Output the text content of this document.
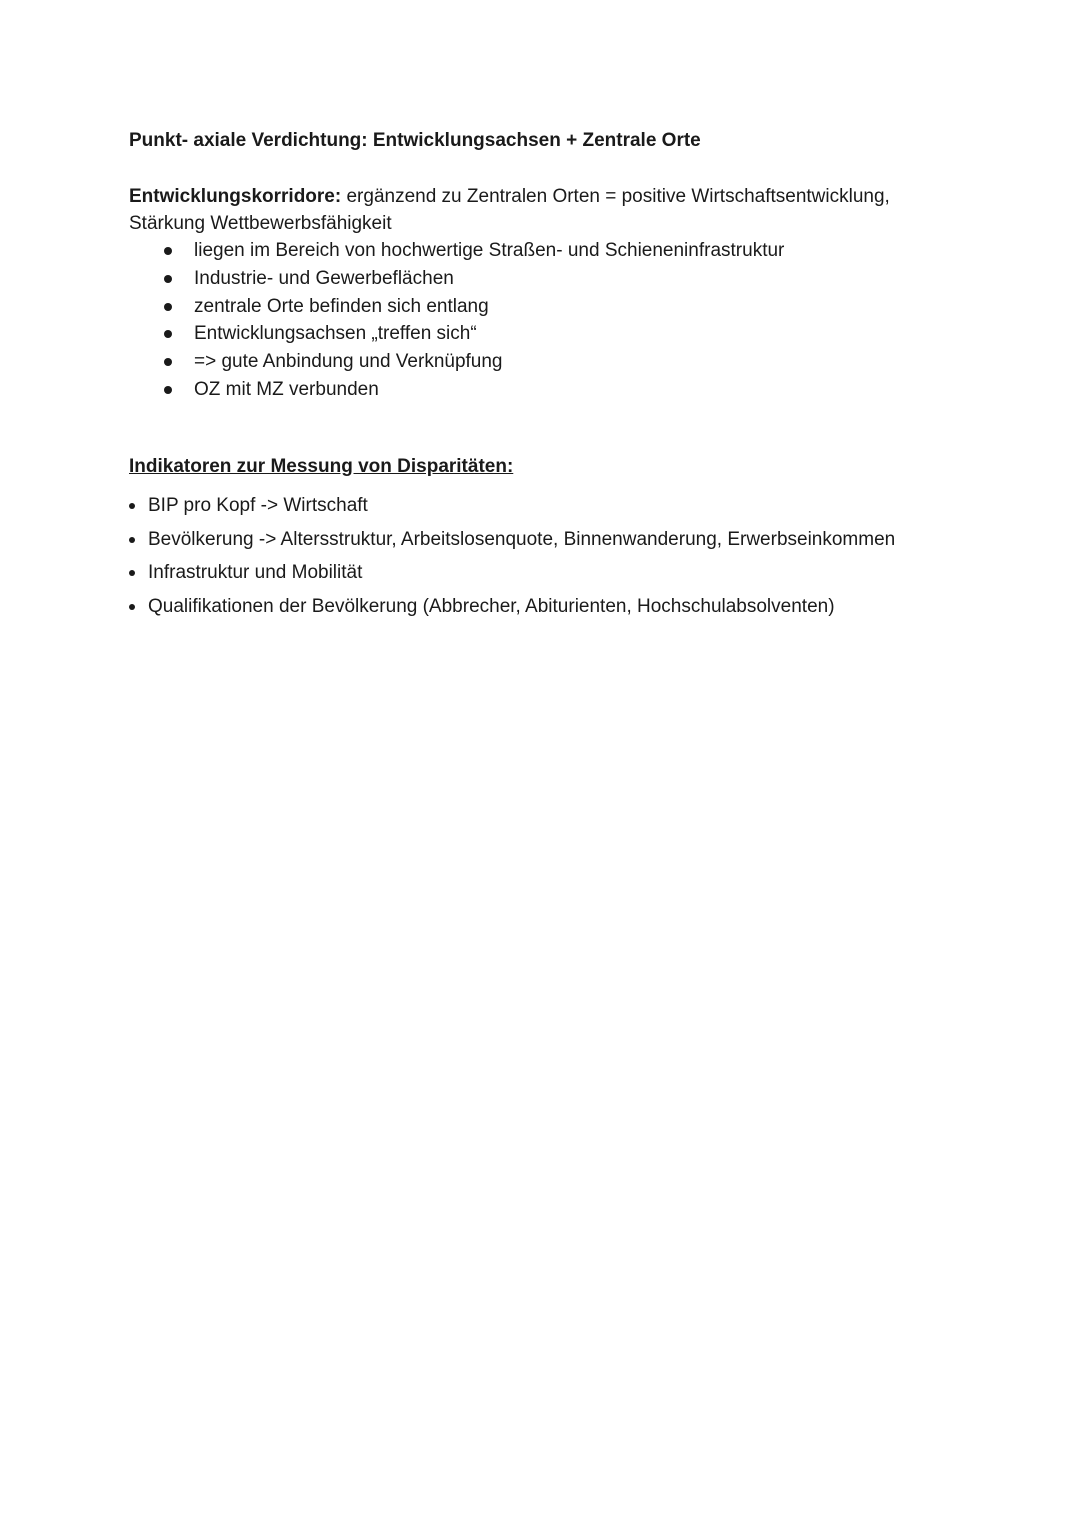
Punkt- axiale Verdichtung: Entwicklungsachsen + Zentrale Orte
Entwicklungskorridore: ergänzend zu Zentralen Orten = positive Wirtschaftsentwicklung, Stärkung Wettbewerbsfähigkeit
liegen im Bereich von hochwertige Straßen- und Schieneninfrastruktur
Industrie- und Gewerbeflächen
zentrale Orte befinden sich entlang
Entwicklungsachsen „treffen sich“
=> gute Anbindung und Verknüpfung
OZ mit MZ verbunden
Indikatoren zur Messung von Disparitäten:
BIP pro Kopf -> Wirtschaft
Bevölkerung -> Altersstruktur, Arbeitslosenquote, Binnenwanderung, Erwerbseinkommen
Infrastruktur und Mobilität
Qualifikationen der Bevölkerung (Abbrecher, Abiturienten, Hochschulabsolventen)
